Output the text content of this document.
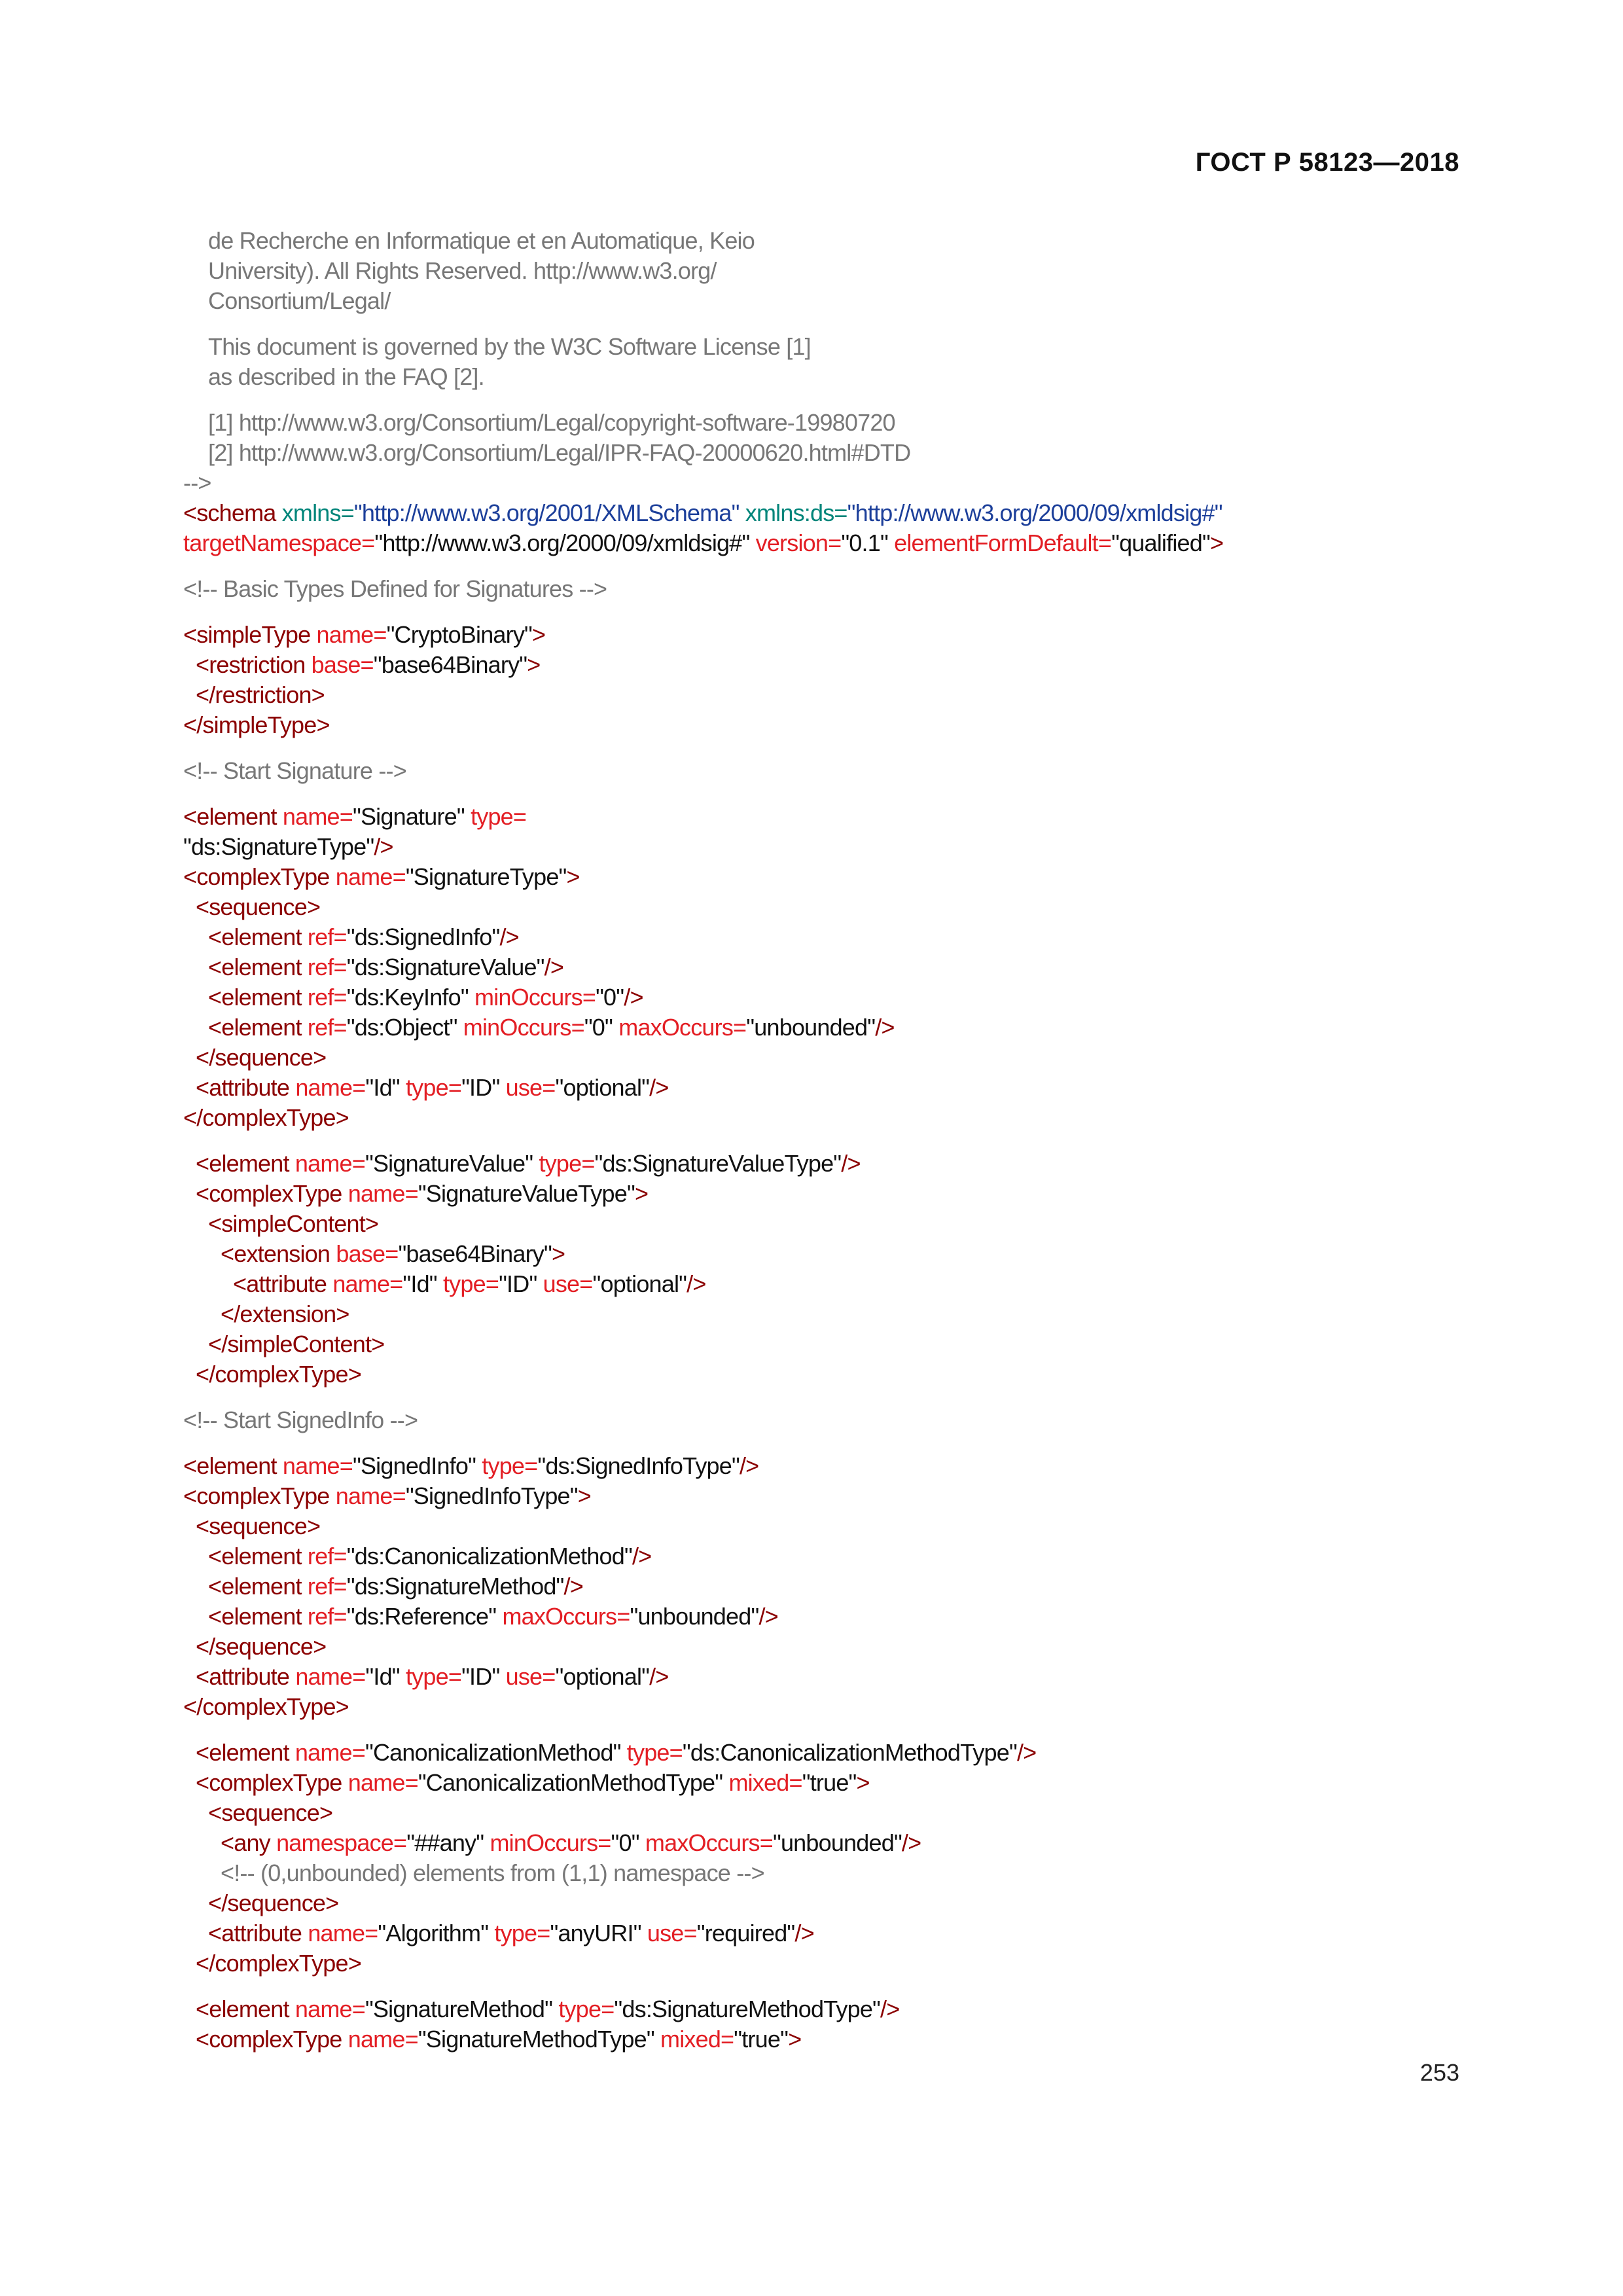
ГОСТ Р 58123—2018
de Recherche en Informatique et en Automatique, Keio
University). All Rights Reserved. http://www.w3.org/
Consortium/Legal/
This document is governed by the W3C Software License [1]
as described in the FAQ [2].
[1] http://www.w3.org/Consortium/Legal/copyright-software-19980720
[2] http://www.w3.org/Consortium/Legal/IPR-FAQ-20000620.html#DTD
-->
<schema xmlns="http://www.w3.org/2001/XMLSchema" xmlns:ds="http://www.w3.org/2000/09/xmldsig#"
targetNamespace="http://www.w3.org/2000/09/xmldsig#" version="0.1" elementFormDefault="qualified">
<!-- Basic Types Defined for Signatures -->
<simpleType name="CryptoBinary">
<restriction base="base64Binary">
</restriction>
</simpleType>
<!-- Start Signature -->
<element name="Signature" type=
"ds:SignatureType"/>
<complexType name="SignatureType">
<sequence>
<element ref="ds:SignedInfo"/>
<element ref="ds:SignatureValue"/>
<element ref="ds:KeyInfo" minOccurs="0"/>
<element ref="ds:Object" minOccurs="0" maxOccurs="unbounded"/>
</sequence>
<attribute name="Id" type="ID" use="optional"/>
</complexType>
<element name="SignatureValue" type="ds:SignatureValueType"/>
<complexType name="SignatureValueType">
<simpleContent>
<extension base="base64Binary">
<attribute name="Id" type="ID" use="optional"/>
</extension>
</simpleContent>
</complexType>
<!-- Start SignedInfo -->
<element name="SignedInfo" type="ds:SignedInfoType"/>
<complexType name="SignedInfoType">
<sequence>
<element ref="ds:CanonicalizationMethod"/>
<element ref="ds:SignatureMethod"/>
<element ref="ds:Reference" maxOccurs="unbounded"/>
</sequence>
<attribute name="Id" type="ID" use="optional"/>
</complexType>
<element name="CanonicalizationMethod" type="ds:CanonicalizationMethodType"/>
<complexType name="CanonicalizationMethodType" mixed="true">
<sequence>
<any namespace="##any" minOccurs="0" maxOccurs="unbounded"/>
<!-- (0,unbounded) elements from (1,1) namespace -->
</sequence>
<attribute name="Algorithm" type="anyURI" use="required"/>
</complexType>
<element name="SignatureMethod" type="ds:SignatureMethodType"/>
<complexType name="SignatureMethodType" mixed="true">
253
